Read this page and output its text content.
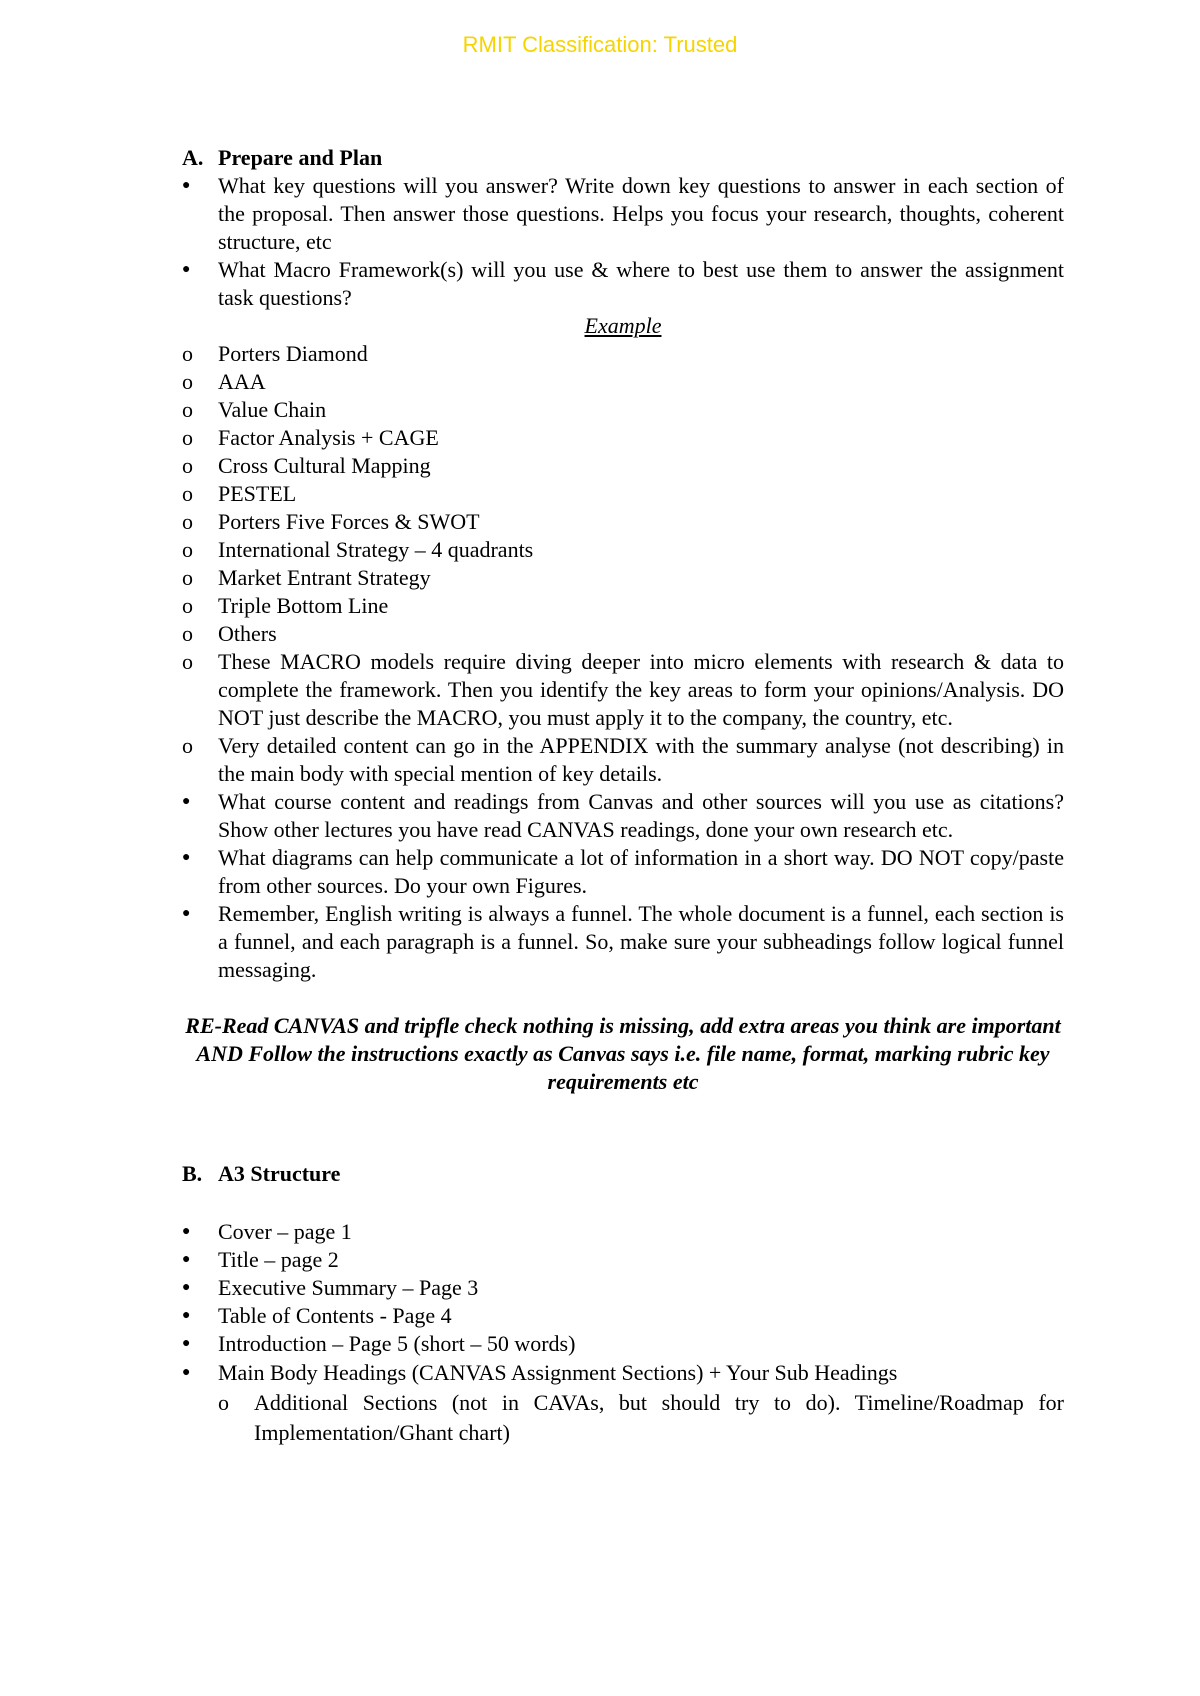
RMIT Classification: Trusted
A. Prepare and Plan
●	What key questions will you answer? Write down key questions to answer in each section of the proposal. Then answer those questions. Helps you focus your research, thoughts, coherent structure, etc
●	What Macro Framework(s) will you use & where to best use them to answer the assignment task questions?

Example

o	Porters Diamond
o	AAA
o	Value Chain
o	Factor Analysis + CAGE
o	Cross Cultural Mapping
o	PESTEL
o	Porters Five Forces & SWOT
o	International Strategy – 4 quadrants
o	Market Entrant Strategy
o	Triple Bottom Line
o	Others
o	These MACRO models require diving deeper into micro elements with research & data to complete the framework. Then you identify the key areas to form your opinions/Analysis. DO NOT just describe the MACRO, you must apply it to the company, the country, etc.
o	Very detailed content can go in the APPENDIX with the summary analyse (not describing) in the main body with special mention of key details.
●	What course content and readings from Canvas and other sources will you use as citations? Show other lectures you have read CANVAS readings, done your own research etc.
●	What diagrams can help communicate a lot of information in a short way. DO NOT copy/paste from other sources. Do your own Figures.
●	Remember, English writing is always a funnel. The whole document is a funnel, each section is a funnel, and each paragraph is a funnel. So, make sure your subheadings follow logical funnel messaging.

RE-Read CANVAS and tripfle check nothing is missing, add extra areas you think are important AND Follow the instructions exactly as Canvas says i.e. file name, format, marking rubric key requirements etc

B. A3 Structure
●	Cover – page 1
●	Title – page 2
●	Executive Summary – Page 3
●	Table of Contents - Page 4
●	Introduction – Page 5 (short – 50 words)
●	Main Body Headings (CANVAS Assignment Sections) + Your Sub Headings
o	Additional Sections (not in CAVAs, but should try to do). Timeline/Roadmap for Implementation/Ghant chart)
